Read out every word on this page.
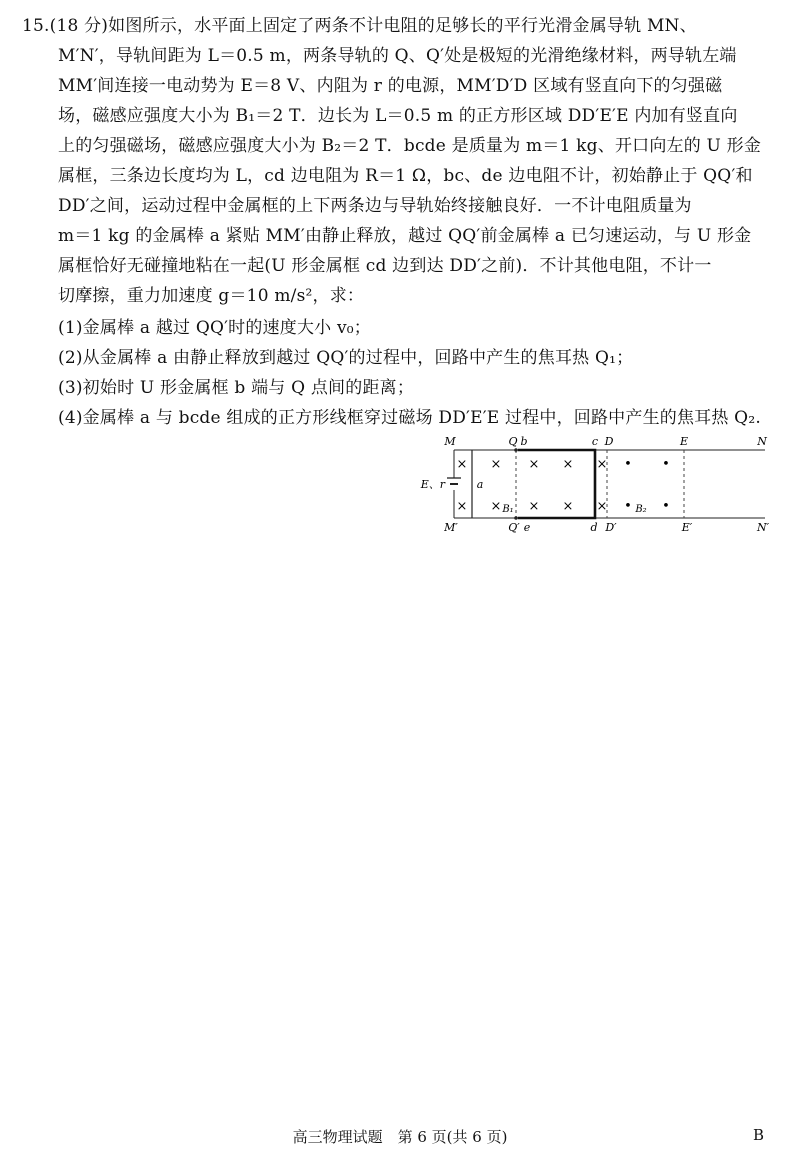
15.(18 分)如图所示，水平面上固定了两条不计电阻的足够长的平行光滑金属导轨 MN、
M′N′，导轨间距为 L＝0.5 m，两条导轨的 Q、Q′处是极短的光滑绝缘材料，两导轨左端
MM′间连接一电动势为 E＝8 V、内阻为 r 的电源，MM′D′D 区域有竖直向下的匀强磁
场，磁感应强度大小为 B₁＝2 T．边长为 L＝0.5 m 的正方形区域 DD′E′E 内加有竖直向
上的匀强磁场，磁感应强度大小为 B₂＝2 T．bcde 是质量为 m＝1 kg、开口向左的 U 形金
属框，三条边长度均为 L，cd 边电阻为 R＝1 Ω，bc、de 边电阻不计，初始静止于 QQ′和
DD′之间，运动过程中金属框的上下两条边与导轨始终接触良好．一不计电阻质量为
m＝1 kg 的金属棒 a 紧贴 MM′由静止释放，越过 QQ′前金属棒 a 已匀速运动，与 U 形金
属框恰好无碰撞地粘在一起(U 形金属框 cd 边到达 DD′之前)．不计其他电阻，不计一
切摩擦，重力加速度 g＝10 m/s²，求：
(1)金属棒 a 越过 QQ′时的速度大小 v₀；
(2)从金属棒 a 由静止释放到越过 QQ′的过程中，回路中产生的焦耳热 Q₁；
(3)初始时 U 形金属框 b 端与 Q 点间的距离；
(4)金属棒 a 与 bcde 组成的正方形线框穿过磁场 DD′E′E 过程中，回路中产生的焦耳热 Q₂.
×
×
×
×
×
×
×
×
×
×
• •
• •
M	Q b	c D	E	N
M′	Q′ e	d D′	E′	N′
E、r	a
B₁	B₂
高三物理试题　第 6 页(共 6 页)	B
